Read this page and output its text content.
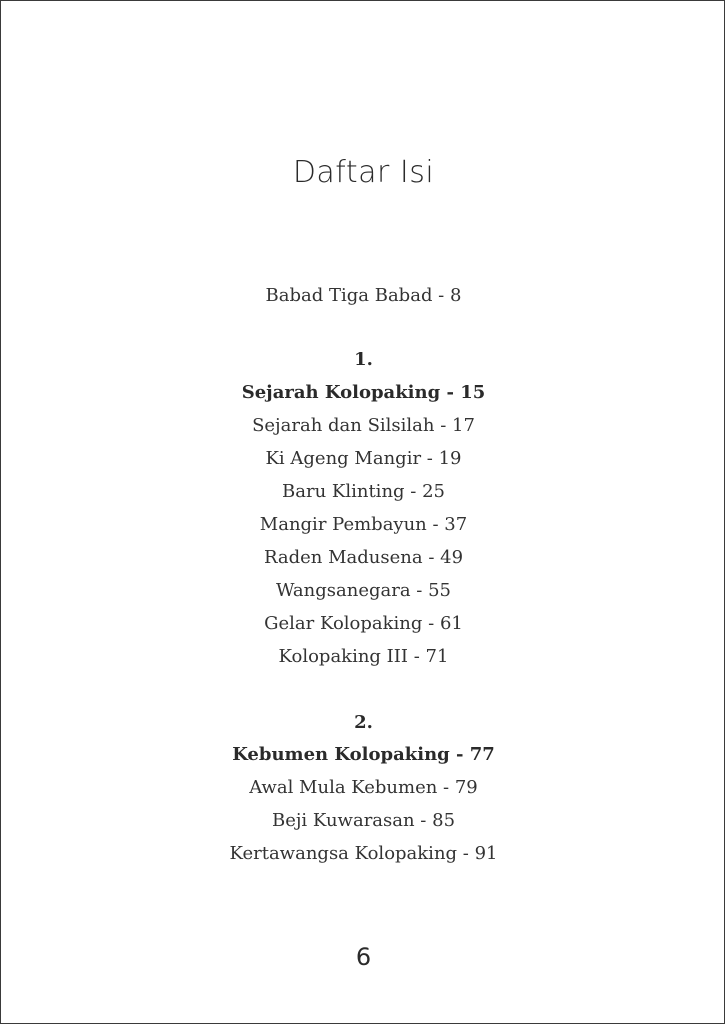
Daftar Isi
Babad Tiga Babad - 8
1.
Sejarah Kolopaking - 15
Sejarah dan Silsilah - 17
Ki Ageng Mangir - 19
Baru Klinting - 25
Mangir Pembayun - 37
Raden Madusena - 49
Wangsanegara - 55
Gelar Kolopaking - 61
Kolopaking III - 71
2.
Kebumen Kolopaking - 77
Awal Mula Kebumen - 79
Beji Kuwarasan - 85
Kertawangsa Kolopaking - 91
6
